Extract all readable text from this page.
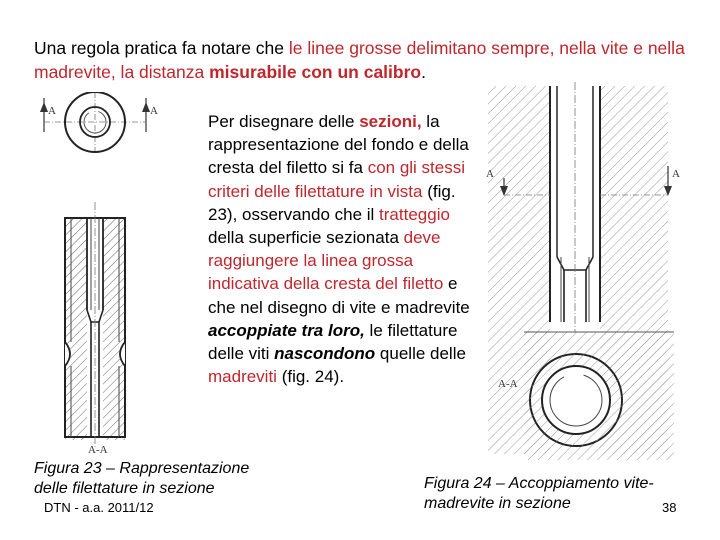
Una regola pratica fa notare che le linee grosse delimitano sempre, nella vite e nella madrevite, la distanza misurabile con un calibro.
A	A
A-A
Per disegnare delle sezioni, la rappresentazione del fondo e della cresta del filetto si fa con gli stessi criteri delle filettature in vista (fig. 23), osservando che il tratteggio della superficie sezionata deve raggiungere la linea grossa indicativa della cresta del filetto e che nel disegno di vite e madrevite accoppiate tra loro, le filettature delle viti nascondono quelle delle madreviti (fig. 24).
A	A
A-A
Figura 23 – Rappresentazione delle filettature in sezione	Figura 24 – Accoppiamento vite-madrevite in sezione
DTN - a.a. 2011/12	38
